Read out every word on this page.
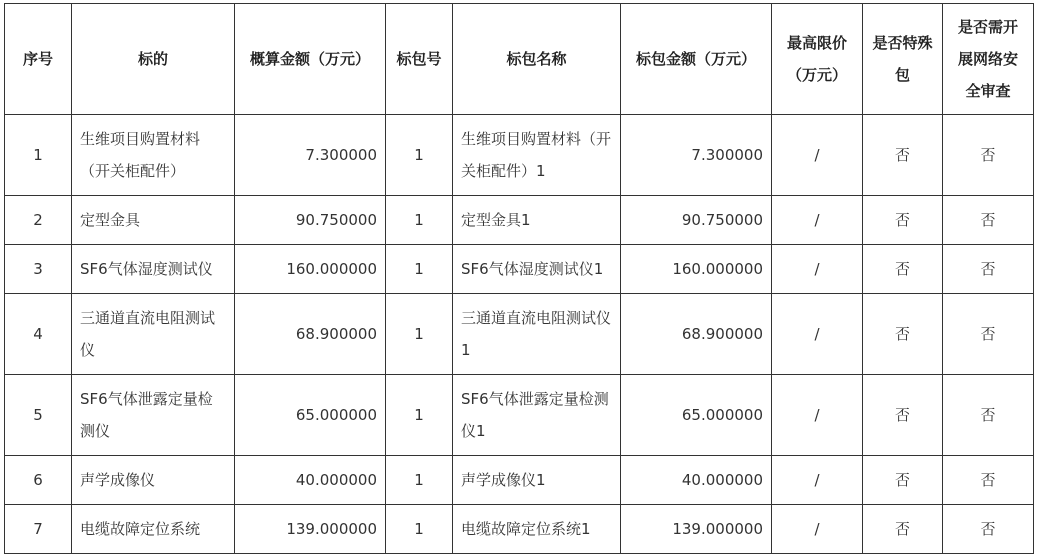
序号	标的	概算金额（万元）	标包号	标包名称	标包金额（万元）	最高限价（万元）	是否特殊包	是否需开展网络安全审查
1	生维项目购置材料（开关柜配件）	7.300000	1	生维项目购置材料（开关柜配件）1	7.300000	/	否	否
2	定型金具	90.750000	1	定型金具1	90.750000	/	否	否
3	SF6气体湿度测试仪	160.000000	1	SF6气体湿度测试仪1	160.000000	/	否	否
4	三通道直流电阻测试仪	68.900000	1	三通道直流电阻测试仪1	68.900000	/	否	否
5	SF6气体泄露定量检测仪	65.000000	1	SF6气体泄露定量检测仪1	65.000000	/	否	否
6	声学成像仪	40.000000	1	声学成像仪1	40.000000	/	否	否
7	电缆故障定位系统	139.000000	1	电缆故障定位系统1	139.000000	/	否	否
